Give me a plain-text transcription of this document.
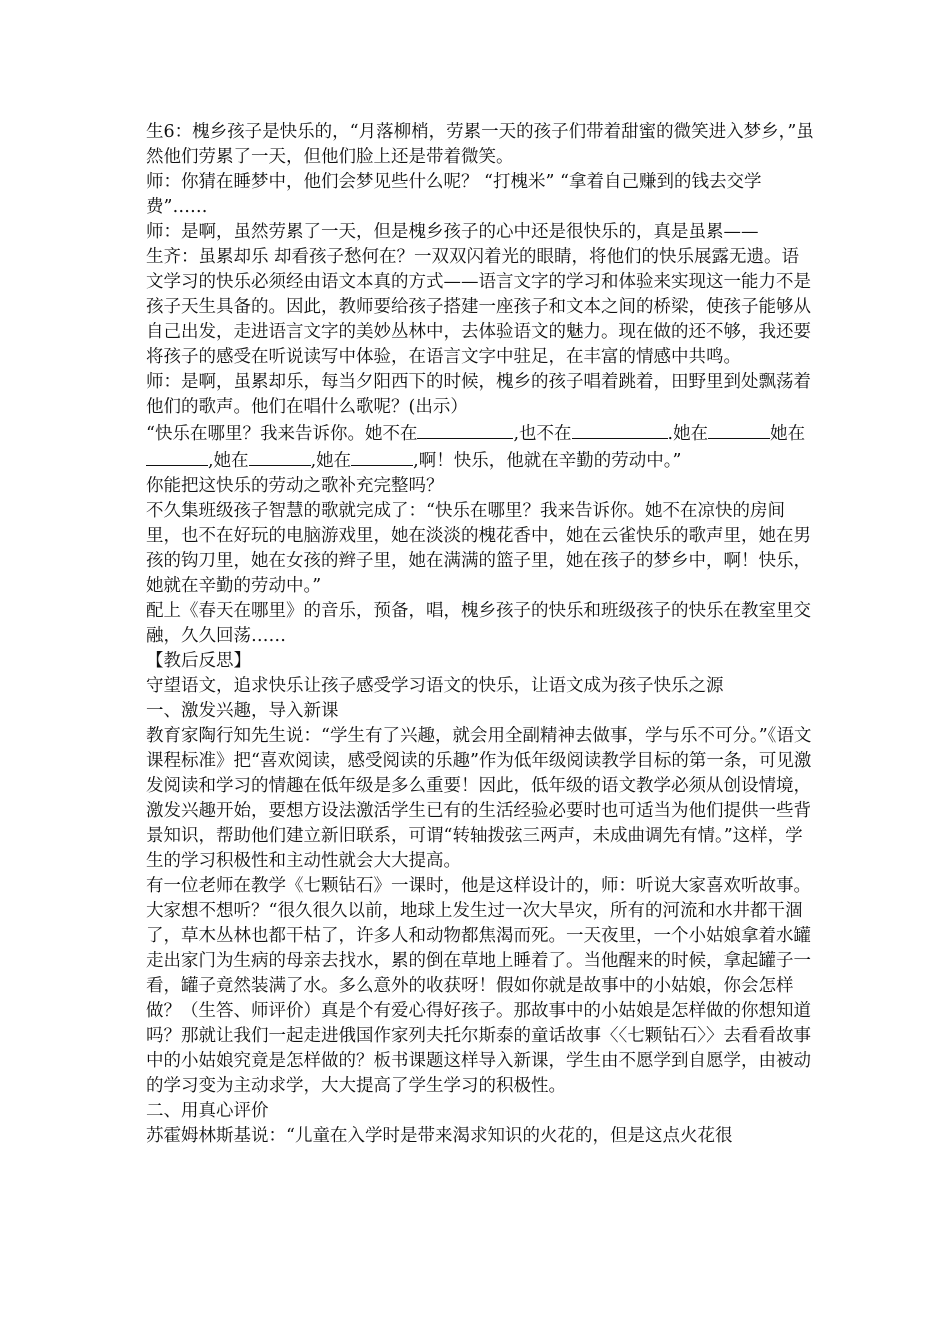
生6：槐乡孩子是快乐的，“月落柳梢，劳累一天的孩子们带着甜蜜的微笑进入梦乡，”虽然他们劳累了一天，但他们脸上还是带着微笑。

师：你猜在睡梦中，他们会梦见些什么呢？ “打槐米” “拿着自己赚到的钱去交学费”……

师：是啊，虽然劳累了一天，但是槐乡孩子的心中还是很快乐的，真是虽累——

生齐：虽累却乐 却看孩子愁何在？一双双闪着光的眼睛，将他们的快乐展露无遗。语文学习的快乐必须经由语文本真的方式——语言文字的学习和体验来实现这一能力不是孩子天生具备的。因此，教师要给孩子搭建一座孩子和文本之间的桥梁，使孩子能够从自己出发，走进语言文字的美妙丛林中，去体验语文的魅力。现在做的还不够，我还要将孩子的感受在听说读写中体验，在语言文字中驻足，在丰富的情感中共鸣。

师：是啊，虽累却乐，每当夕阳西下的时候，槐乡的孩子唱着跳着，田野里到处飘荡着他们的歌声。他们在唱什么歌呢？(出示）

“快乐在哪里？我来告诉你。她不在	,也不在	.她在	她在,她在	,她在	,啊！快乐，他就在辛勤的劳动中。”

你能把这快乐的劳动之歌补充完整吗？

不久集班级孩子智慧的歌就完成了：“快乐在哪里？我来告诉你。她不在凉快的房间里，也不在好玩的电脑游戏里，她在淡淡的槐花香中，她在云雀快乐的歌声里，她在男孩的钩刀里，她在女孩的辫子里，她在满满的篮子里，她在孩子的梦乡中，啊！快乐，她就在辛勤的劳动中。”

配上《春天在哪里》的音乐，预备，唱，槐乡孩子的快乐和班级孩子的快乐在教室里交融，久久回荡……

【教后反思】

守望语文，追求快乐让孩子感受学习语文的快乐，让语文成为孩子快乐之源

一、激发兴趣，导入新课

教育家陶行知先生说：“学生有了兴趣，就会用全副精神去做事，学与乐不可分。”《语文课程标准》把“喜欢阅读，感受阅读的乐趣”作为低年级阅读教学目标的第一条，可见激发阅读和学习的情趣在低年级是多么重要！因此，低年级的语文教学必须从创设情境，激发兴趣开始，要想方设法激活学生已有的生活经验必要时也可适当为他们提供一些背景知识，帮助他们建立新旧联系，可谓“转轴拨弦三两声，未成曲调先有情。”这样，学生的学习积极性和主动性就会大大提高。

有一位老师在教学《七颗钻石》一课时，他是这样设计的，师：听说大家喜欢听故事。大家想不想听？“很久很久以前，地球上发生过一次大旱灾，所有的河流和水井都干涸了，草木丛林也都干枯了，许多人和动物都焦渴而死。一天夜里，一个小姑娘拿着水罐走出家门为生病的母亲去找水，累的倒在草地上睡着了。当他醒来的时候，拿起罐子一看，罐子竟然装满了水。多么意外的收获呀！假如你就是故事中的小姑娘，你会怎样做？（生答、师评价）真是个有爱心得好孩子。那故事中的小姑娘是怎样做的你想知道吗？那就让我们一起走进俄国作家列夫托尔斯泰的童话故事〈〈七颗钻石〉〉去看看故事中的小姑娘究竟是怎样做的？板书课题这样导入新课，学生由不愿学到自愿学，由被动的学习变为主动求学，大大提高了学生学习的积极性。

二、用真心评价

苏霍姆林斯基说：“儿童在入学时是带来渴求知识的火花的，但是这点火花很
